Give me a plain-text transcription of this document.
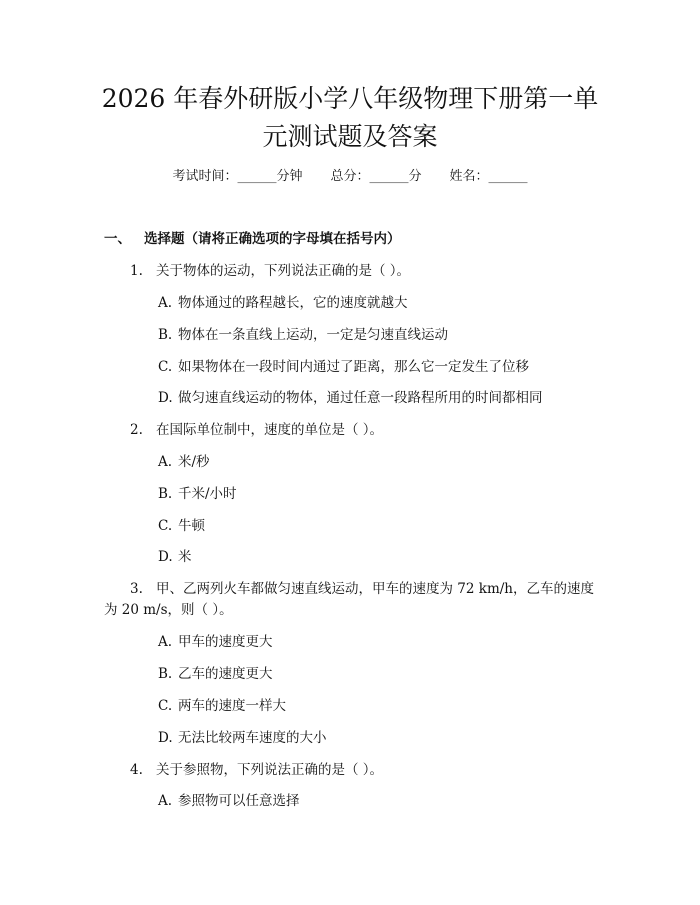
2026 年春外研版小学八年级物理下册第一单
元测试题及答案
考试时间：______分钟 总分：______分 姓名：______
一、 选择题（请将正确选项的字母填在括号内）
1. 关于物体的运动，下列说法正确的是（ ）。
A. 物体通过的路程越长，它的速度就越大
B. 物体在一条直线上运动，一定是匀速直线运动
C. 如果物体在一段时间内通过了距离，那么它一定发生了位移
D. 做匀速直线运动的物体，通过任意一段路程所用的时间都相同
2. 在国际单位制中，速度的单位是（ ）。
A. 米/秒
B. 千米/小时
C. 牛顿
D. 米
3. 甲、乙两列火车都做匀速直线运动，甲车的速度为 72 km/h，乙车的速度
为 20 m/s，则（ ）。
A. 甲车的速度更大
B. 乙车的速度更大
C. 两车的速度一样大
D. 无法比较两车速度的大小
4. 关于参照物，下列说法正确的是（ ）。
A. 参照物可以任意选择
